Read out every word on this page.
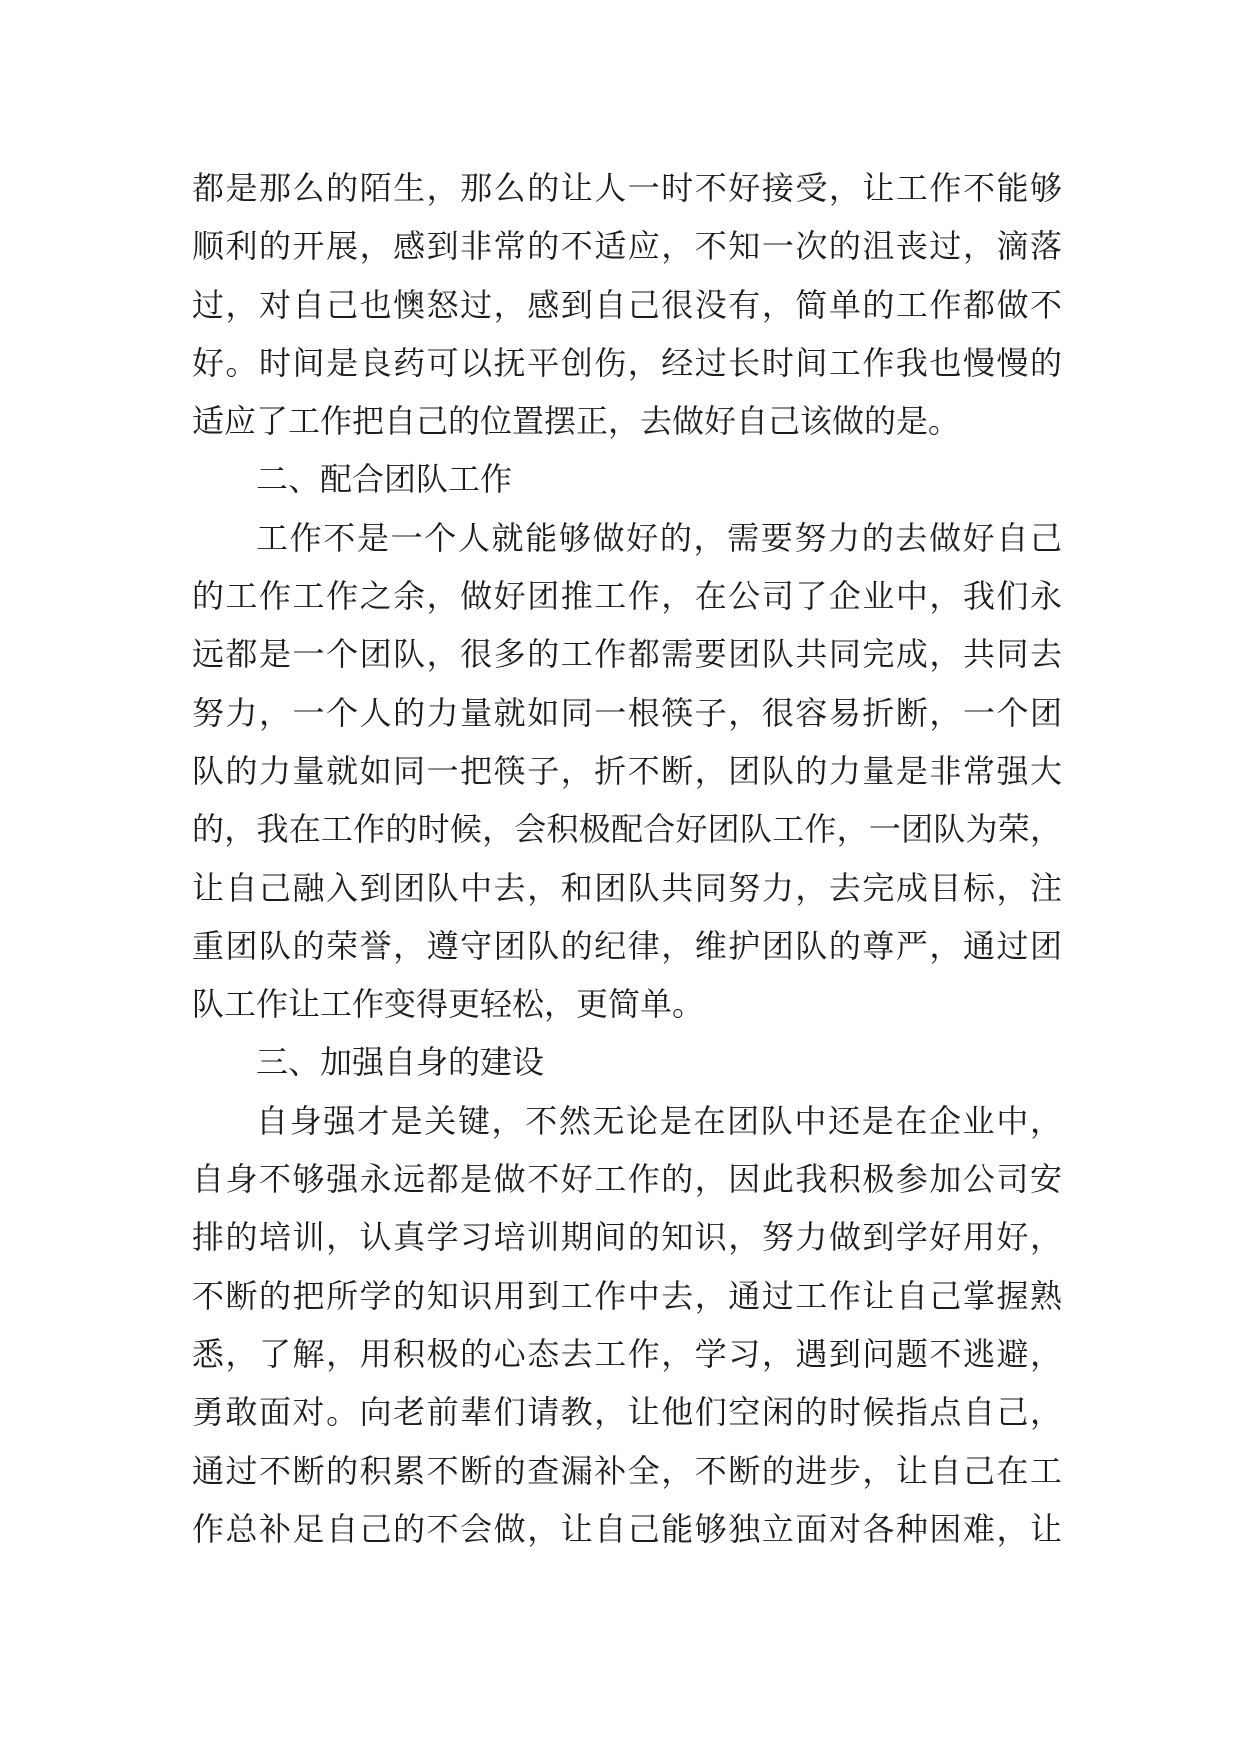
都是那么的陌生，那么的让人一时不好接受，让工作不能够
顺利的开展，感到非常的不适应，不知一次的沮丧过，滴落
过，对自己也懊怒过，感到自己很没有，简单的工作都做不
好。时间是良药可以抚平创伤，经过长时间工作我也慢慢的
适应了工作把自己的位置摆正，去做好自己该做的是。
二、配合团队工作
工作不是一个人就能够做好的，需要努力的去做好自己
的工作工作之余，做好团推工作，在公司了企业中，我们永
远都是一个团队，很多的工作都需要团队共同完成，共同去
努力，一个人的力量就如同一根筷子，很容易折断，一个团
队的力量就如同一把筷子，折不断，团队的力量是非常强大
的，我在工作的时候，会积极配合好团队工作，一团队为荣，
让自己融入到团队中去，和团队共同努力，去完成目标，注
重团队的荣誉，遵守团队的纪律，维护团队的尊严，通过团
队工作让工作变得更轻松，更简单。
三、加强自身的建设
自身强才是关键，不然无论是在团队中还是在企业中，
自身不够强永远都是做不好工作的，因此我积极参加公司安
排的培训，认真学习培训期间的知识，努力做到学好用好，
不断的把所学的知识用到工作中去，通过工作让自己掌握熟
悉，了解，用积极的心态去工作，学习，遇到问题不逃避，
勇敢面对。向老前辈们请教，让他们空闲的时候指点自己，
通过不断的积累不断的查漏补全，不断的进步，让自己在工
作总补足自己的不会做，让自己能够独立面对各种困难，让
